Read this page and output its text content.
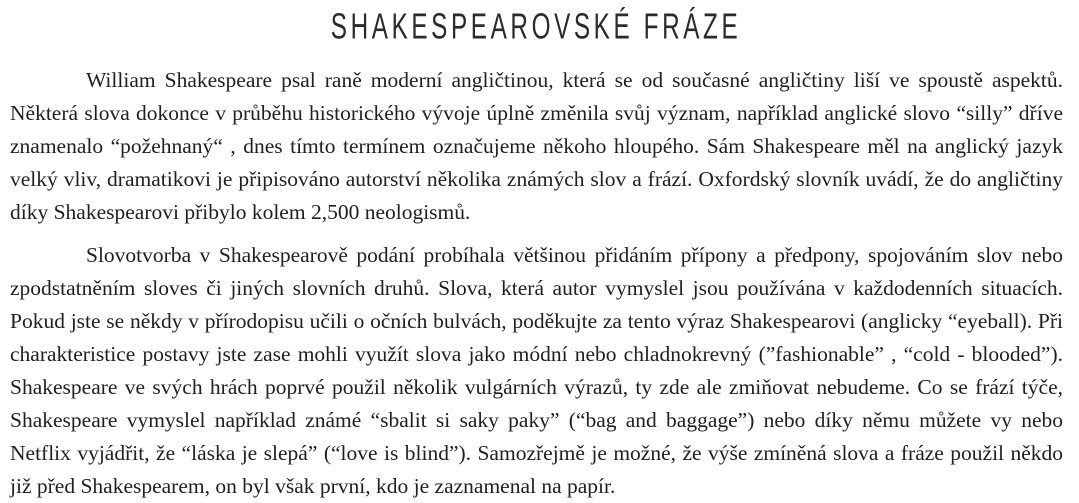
SHAKESPEAROVSKÉ FRÁZE

William Shakespeare psal raně moderní angličtinou, která se od současné angličtiny liší ve spoustě aspektů. Některá slova dokonce v průběhu historického vývoje úplně změnila svůj význam, například anglické slovo “silly” dříve znamenalo “požehnaný“ , dnes tímto termínem označujeme někoho hloupého. Sám Shakespeare měl na anglický jazyk velký vliv, dramatikovi je připisováno autorství několika známých slov a frází. Oxfordský slovník uvádí, že do angličtiny díky Shakespearovi přibylo kolem 2,500 neologismů.

Slovotvorba v Shakespearově podání probíhala většinou přidáním přípony a předpony, spojováním slov nebo zpodstatněním sloves či jiných slovních druhů. Slova, která autor vymyslel jsou používána v každodenních situacích. Pokud jste se někdy v přírodopisu učili o očních bulvách, poděkujte za tento výraz Shakespearovi (anglicky “eyeball). Při charakteristice postavy jste zase mohli využít slova jako módní nebo chladnokrevný (”fashionable” , “cold - blooded”). Shakespeare ve svých hrách poprvé použil několik vulgárních výrazů, ty zde ale zmiňovat nebudeme. Co se frází týče, Shakespeare vymyslel například známé “sbalit si saky paky” (“bag and baggage”) nebo díky němu můžete vy nebo Netflix vyjádřit, že “láska je slepá” (“love is blind”). Samozřejmě je možné, že výše zmíněná slova a fráze použil někdo již před Shakespearem, on byl však první, kdo je zaznamenal na papír.
